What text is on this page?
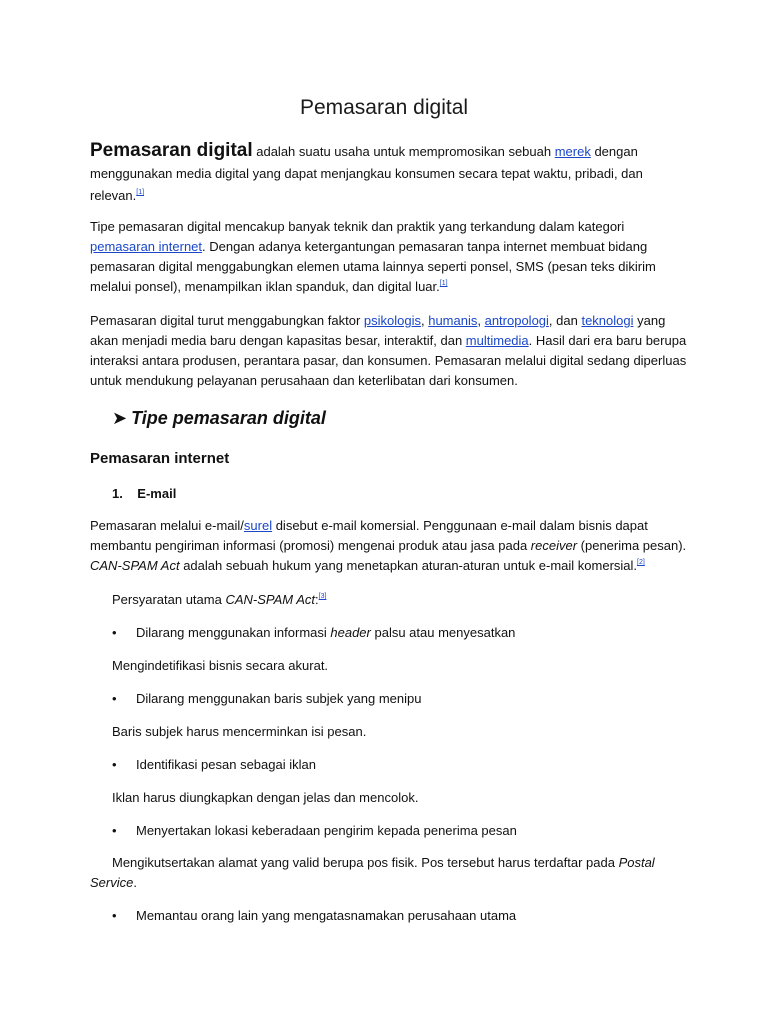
Pemasaran digital

Pemasaran digital adalah suatu usaha untuk mempromosikan sebuah merek dengan menggunakan media digital yang dapat menjangkau konsumen secara tepat waktu, pribadi, dan relevan.[1]

Tipe pemasaran digital mencakup banyak teknik dan praktik yang terkandung dalam kategori pemasaran internet. Dengan adanya ketergantungan pemasaran tanpa internet membuat bidang pemasaran digital menggabungkan elemen utama lainnya seperti ponsel, SMS (pesan teks dikirim melalui ponsel), menampilkan iklan spanduk, dan digital luar.[1]

Pemasaran digital turut menggabungkan faktor psikologis, humanis, antropologi, dan teknologi yang akan menjadi media baru dengan kapasitas besar, interaktif, dan multimedia. Hasil dari era baru berupa interaksi antara produsen, perantara pasar, dan konsumen. Pemasaran melalui digital sedang diperluas untuk mendukung pelayanan perusahaan dan keterlibatan dari konsumen.

➤ Tipe pemasaran digital
Pemasaran internet
1. E-mail

Pemasaran melalui e-mail/surel disebut e-mail komersial. Penggunaan e-mail dalam bisnis dapat membantu pengiriman informasi (promosi) mengenai produk atau jasa pada receiver (penerima pesan). CAN-SPAM Act adalah sebuah hukum yang menetapkan aturan-aturan untuk e-mail komersial.[2]

Persyaratan utama CAN-SPAM Act:[3]

• Dilarang menggunakan informasi header palsu atau menyesatkan

Mengindetifikasi bisnis secara akurat.

• Dilarang menggunakan baris subjek yang menipu

Baris subjek harus mencerminkan isi pesan.

• Identifikasi pesan sebagai iklan

Iklan harus diungkapkan dengan jelas dan mencolok.

• Menyertakan lokasi keberadaan pengirim kepada penerima pesan

Mengikutsertakan alamat yang valid berupa pos fisik. Pos tersebut harus terdaftar pada Postal Service.

• Memantau orang lain yang mengatasnamakan perusahaan utama
